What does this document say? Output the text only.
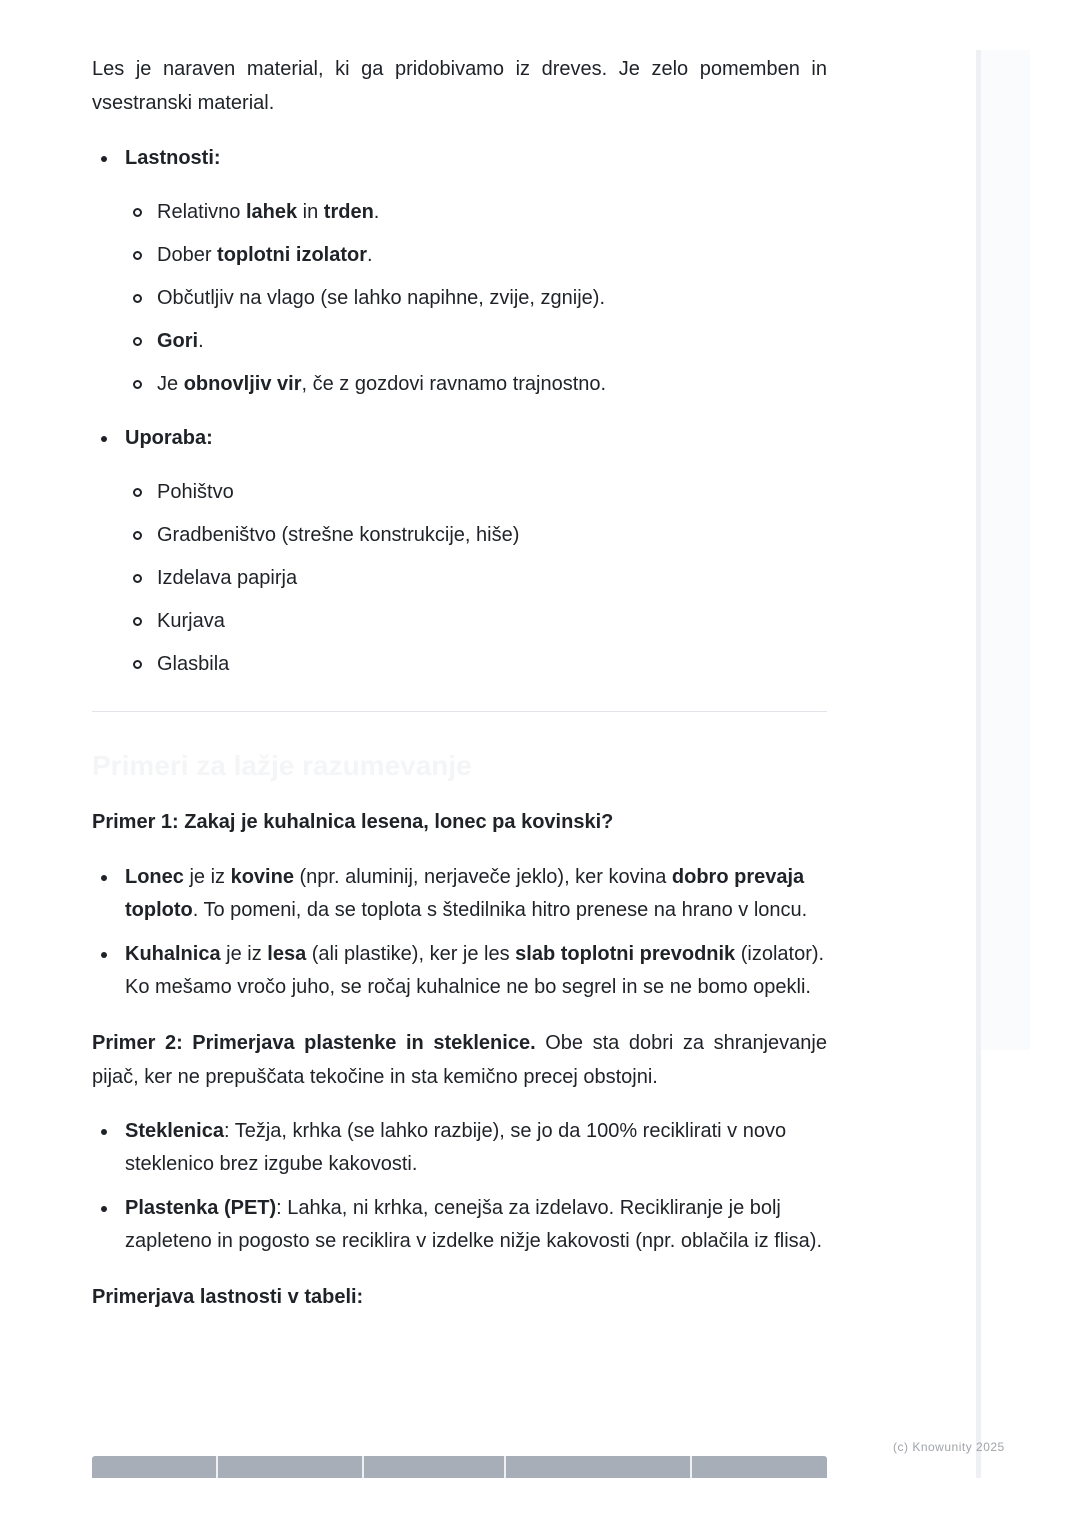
Les je naraven material, ki ga pridobivamo iz dreves. Je zelo pomemben in vsestranski material.

Lastnosti:
Relativno lahek in trden.
Dober toplotni izolator.
Občutljiv na vlago (se lahko napihne, zvije, zgnije).
Gori.
Je obnovljiv vir, če z gozdovi ravnamo trajnostno.
Uporaba:
Pohištvo
Gradbeništvo (strešne konstrukcije, hiše)
Izdelava papirja
Kurjava
Glasbila

Primeri za lažje razumevanje

Primer 1: Zakaj je kuhalnica lesena, lonec pa kovinski?

Lonec je iz kovine (npr. aluminij, nerjaveče jeklo), ker kovina dobro prevaja toploto. To pomeni, da se toplota s štedilnika hitro prenese na hrano v loncu.
Kuhalnica je iz lesa (ali plastike), ker je les slab toplotni prevodnik (izolator). Ko mešamo vročo juho, se ročaj kuhalnice ne bo segrel in se ne bomo opekli.

Primer 2: Primerjava plastenke in steklenice. Obe sta dobri za shranjevanje pijač, ker ne prepuščata tekočine in sta kemično precej obstojni.

Steklenica: Težja, krhka (se lahko razbije), se jo da 100% reciklirati v novo steklenico brez izgube kakovosti.
Plastenka (PET): Lahka, ni krhka, cenejša za izdelavo. Recikliranje je bolj zapleteno in pogosto se reciklira v izdelke nižje kakovosti (npr. oblačila iz flisa).

Primerjava lastnosti v tabeli:

(c) Knowunity 2025
